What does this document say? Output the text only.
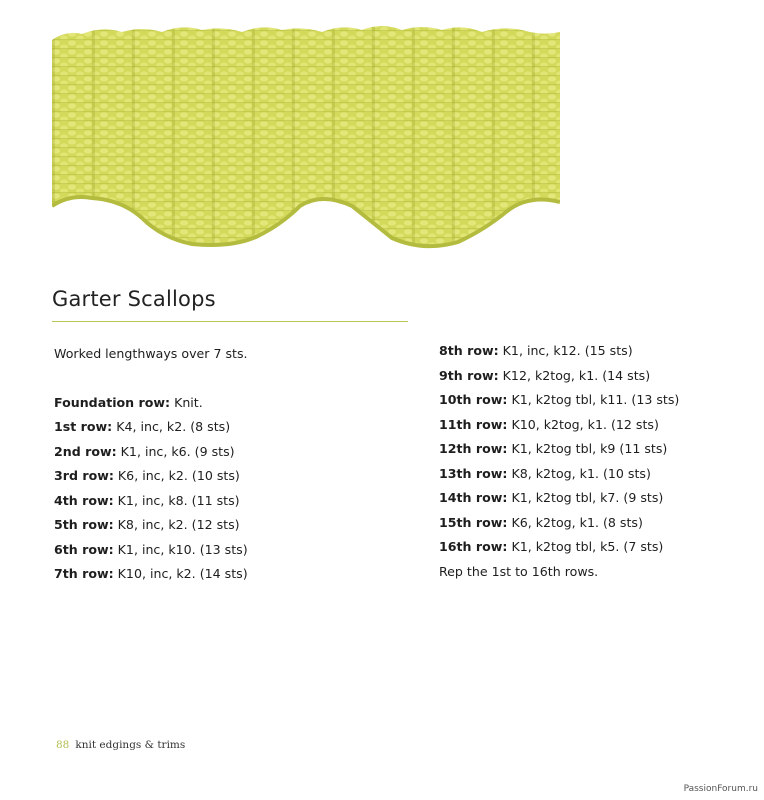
Garter Scallops
Worked lengthways over 7 sts.
Foundation row: Knit.
1st row: K4, inc, k2. (8 sts)
2nd row: K1, inc, k6. (9 sts)
3rd row: K6, inc, k2. (10 sts)
4th row: K1, inc, k8. (11 sts)
5th row: K8, inc, k2. (12 sts)
6th row: K1, inc, k10. (13 sts)
7th row: K10, inc, k2. (14 sts)
8th row: K1, inc, k12. (15 sts)
9th row: K12, k2tog, k1. (14 sts)
10th row: K1, k2tog tbl, k11. (13 sts)
11th row: K10, k2tog, k1. (12 sts)
12th row: K1, k2tog tbl, k9 (11 sts)
13th row: K8, k2tog, k1. (10 sts)
14th row: K1, k2tog tbl, k7. (9 sts)
15th row: K6, k2tog, k1. (8 sts)
16th row: K1, k2tog tbl, k5. (7 sts)
Rep the 1st to 16th rows.
88 knit edgings & trims
PassionForum.ru
